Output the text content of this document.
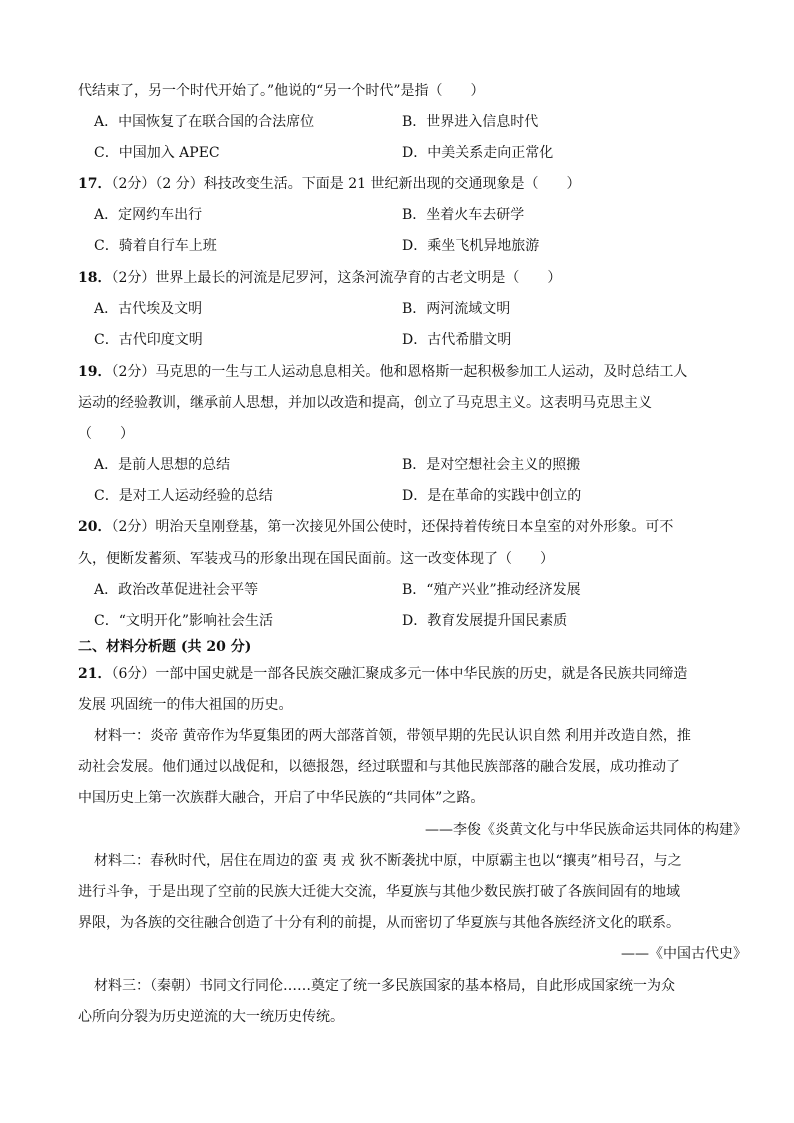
代结束了，另一个时代开始了。”他说的“另一个时代”是指（　　）
A．中国恢复了在联合国的合法席位	B．世界进入信息时代
C．中国加入 APEC	D．中美关系走向正常化
17．（2分）（2 分）科技改变生活。下面是 21 世纪新出现的交通现象是（　　）
A．定网约车出行	B．坐着火车去研学
C．骑着自行车上班	D．乘坐飞机异地旅游
18．（2分）世界上最长的河流是尼罗河，这条河流孕育的古老文明是（　　）
A．古代埃及文明	B．两河流域文明
C．古代印度文明	D．古代希腊文明
19．（2分）马克思的一生与工人运动息息相关。他和恩格斯一起积极参加工人运动，及时总结工人
运动的经验教训，继承前人思想，并加以改造和提高，创立了马克思主义。这表明马克思主义
（　　）
A．是前人思想的总结	B．是对空想社会主义的照搬
C．是对工人运动经验的总结	D．是在革命的实践中创立的
20．（2分）明治天皇刚登基，第一次接见外国公使时，还保持着传统日本皇室的对外形象。可不
久，便断发蓄须、军装戎马的形象出现在国民面前。这一改变体现了（　　）
A．政治改革促进社会平等	B．“殖产兴业”推动经济发展
C．“文明开化”影响社会生活	D．教育发展提升国民素质
二、材料分析题 (共 20 分)
21．（6分）一部中国史就是一部各民族交融汇聚成多元一体中华民族的历史，就是各民族共同缔造
发展 巩固统一的伟大祖国的历史。
材料一：炎帝 黄帝作为华夏集团的两大部落首领，带领早期的先民认识自然 利用并改造自然，推
动社会发展。他们通过以战促和，以德报怨，经过联盟和与其他民族部落的融合发展，成功推动了
中国历史上第一次族群大融合，开启了中华民族的“共同体”之路。
——李俊《炎黄文化与中华民族命运共同体的构建》
材料二：春秋时代，居住在周边的蛮 夷 戎 狄不断袭扰中原，中原霸主也以“攘夷”相号召，与之
进行斗争，于是出现了空前的民族大迁徙大交流，华夏族与其他少数民族打破了各族间固有的地域
界限，为各族的交往融合创造了十分有利的前提，从而密切了华夏族与其他各族经济文化的联系。
——《中国古代史》
材料三：（秦朝）书同文行同伦……奠定了统一多民族国家的基本格局，自此形成国家统一为众
心所向分裂为历史逆流的大一统历史传统。
